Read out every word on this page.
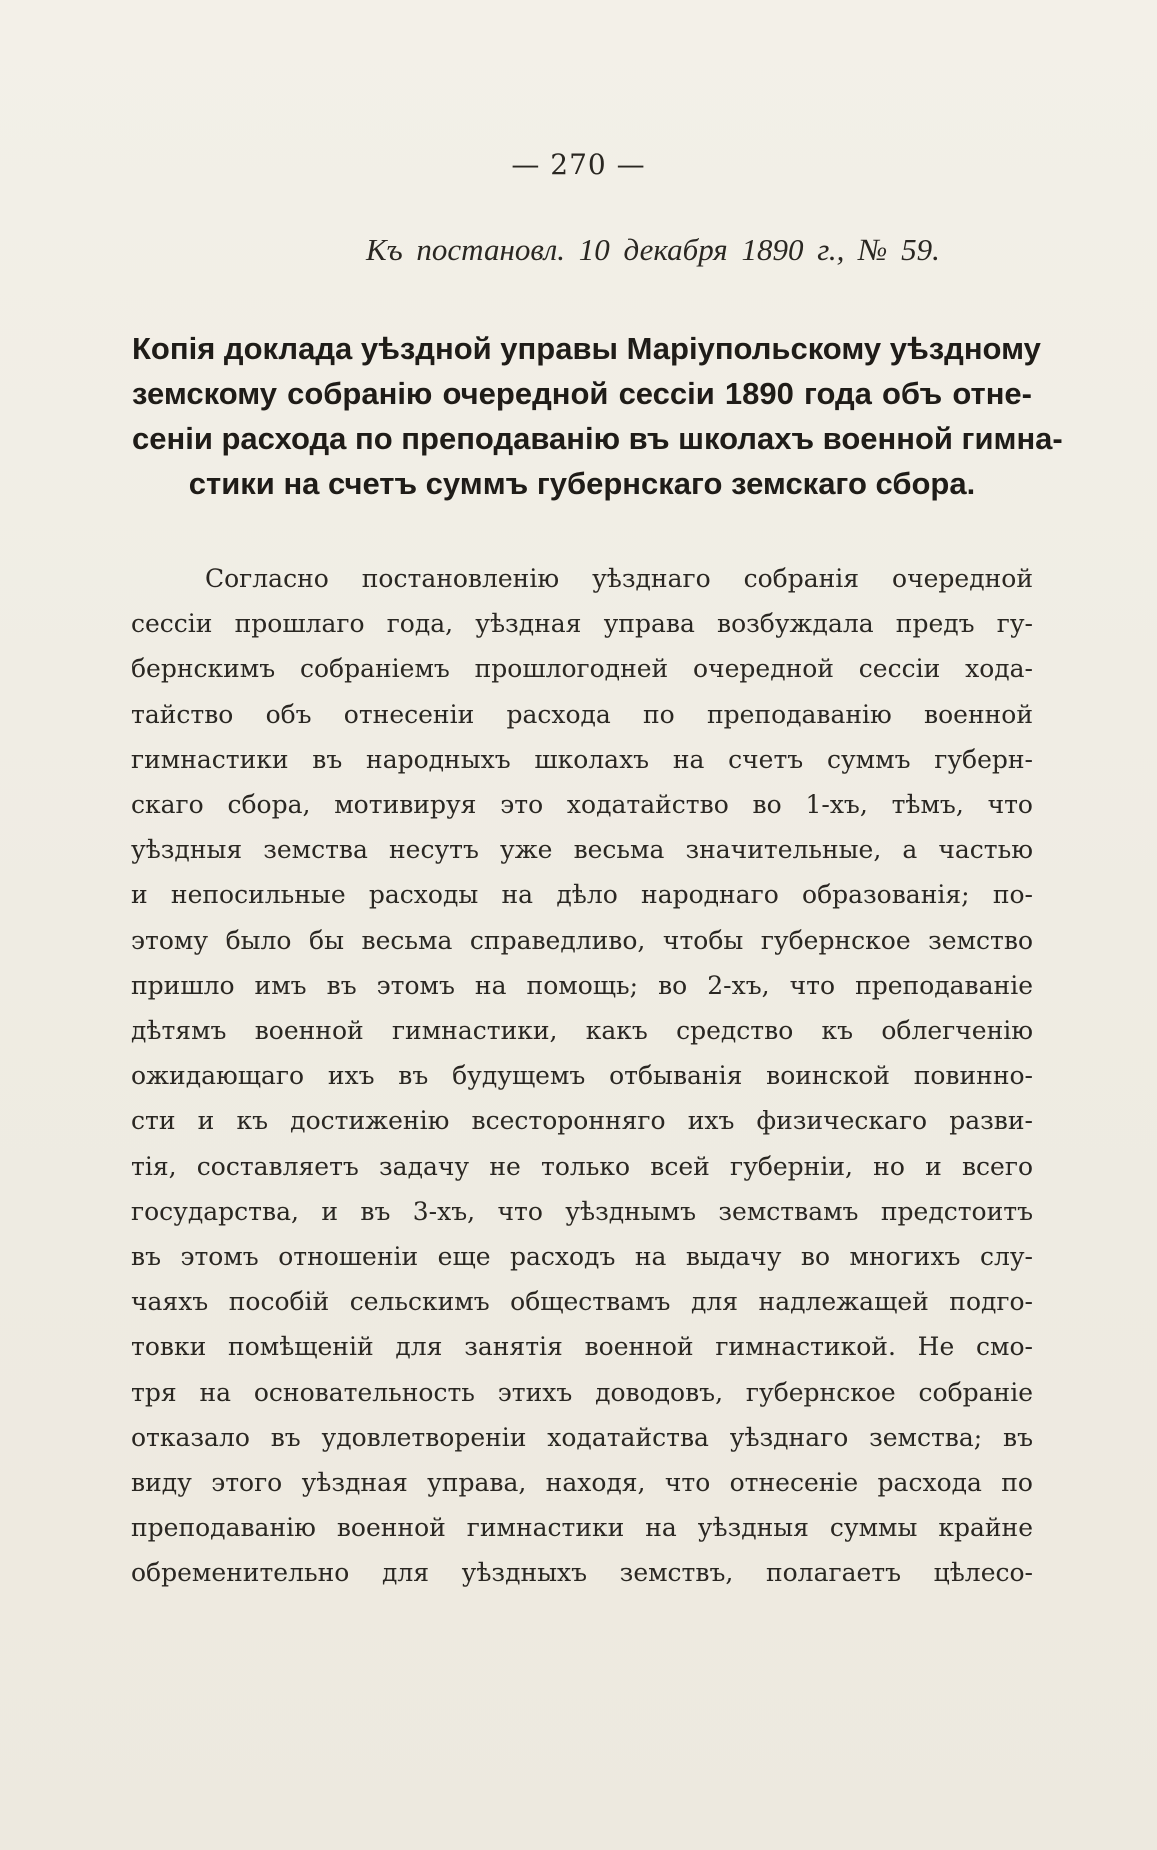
— 270 —
Къ постановл. 10 декабря 1890 г., № 59.
Копія доклада уѣздной управы Маріупольскому уѣздному
земскому собранію очередной сессіи 1890 года объ отне-
сеніи расхода по преподаванію въ школахъ военной гимна-
стики на счетъ суммъ губернскаго земскаго сбора.
Согласно постановленію уѣзднаго собранія очередной
сессіи прошлаго года, уѣздная управа возбуждала предъ гу-
бернскимъ собраніемъ прошлогодней очередной сессіи хода-
тайство объ отнесеніи расхода по преподаванію военной
гимнастики въ народныхъ школахъ на счетъ суммъ губерн-
скаго сбора, мотивируя это ходатайство во 1-хъ, тѣмъ, что
уѣздныя земства несутъ уже весьма значительные, а частью
и непосильные расходы на дѣло народнаго образованія; по-
этому было бы весьма справедливо, чтобы губернское земство
пришло имъ въ этомъ на помощь; во 2-хъ, что преподаваніе
дѣтямъ военной гимнастики, какъ средство къ облегченію
ожидающаго ихъ въ будущемъ отбыванія воинской повинно-
сти и къ достиженію всесторонняго ихъ физическаго разви-
тія, составляетъ задачу не только всей губерніи, но и всего
государства, и въ 3-хъ, что уѣзднымъ земствамъ предстоитъ
въ этомъ отношеніи еще расходъ на выдачу во многихъ слу-
чаяхъ пособій сельскимъ обществамъ для надлежащей подго-
товки помѣщеній для занятія военной гимнастикой. Не смо-
тря на основательность этихъ доводовъ, губернское собраніе
отказало въ удовлетвореніи ходатайства уѣзднаго земства; въ
виду этого уѣздная управа, находя, что отнесеніе расхода по
преподаванію военной гимнастики на уѣздныя суммы крайне
обременительно для уѣздныхъ земствъ, полагаетъ цѣлесо-
